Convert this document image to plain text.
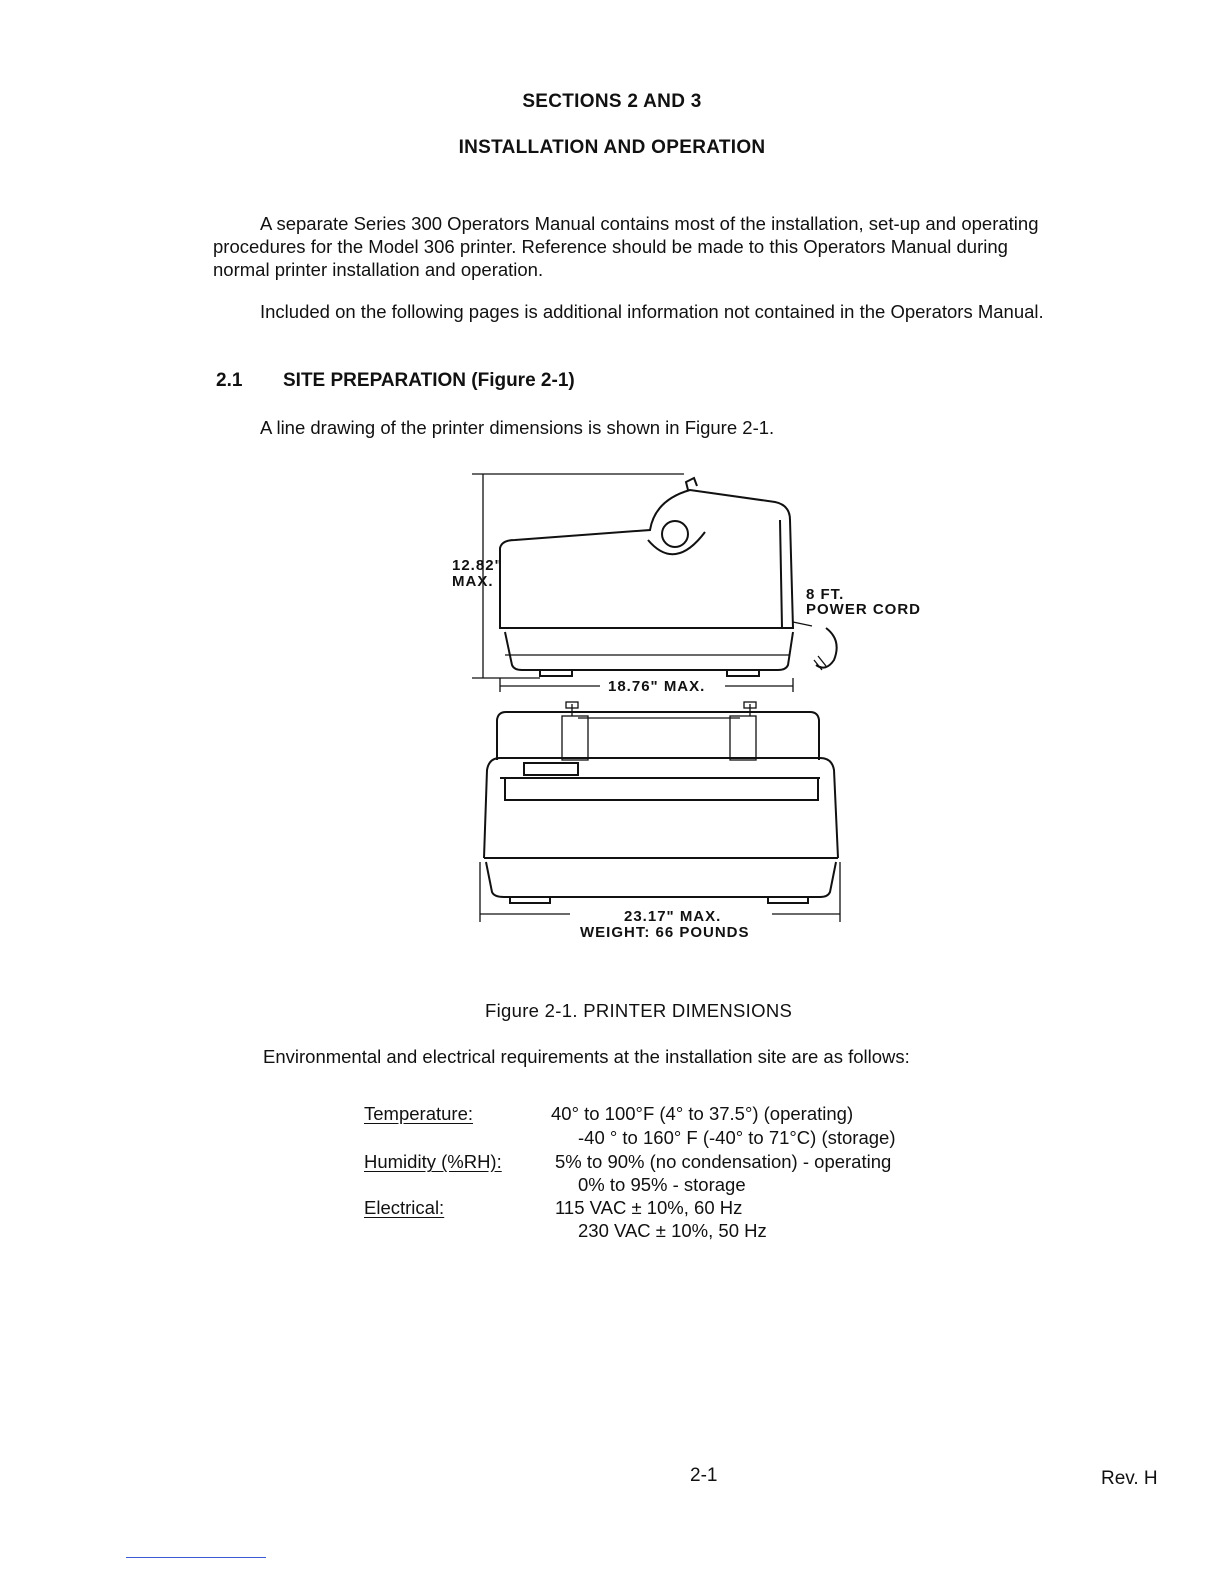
SECTIONS 2 AND 3
INSTALLATION AND OPERATION
A separate Series 300 Operators Manual contains most of the installation, set-up and operating
procedures for the Model 306 printer. Reference should be made to this Operators Manual during
normal printer installation and operation.
Included on the following pages is additional information not contained in the Operators Manual.
2.1 SITE PREPARATION (Figure 2-1)
A line drawing of the printer dimensions is shown in Figure 2-1.
12.82"
MAX.
8 FT.
POWER CORD
18.76" MAX.
23.17" MAX.
WEIGHT: 66 POUNDS
Figure 2-1. PRINTER DIMENSIONS
Environmental and electrical requirements at the installation site are as follows:
Temperature:	40° to 100°F (4° to 37.5°) (operating)
-40 ° to 160° F (-40° to 71°C) (storage)
Humidity (%RH):	5% to 90% (no condensation) - operating
0% to 95% - storage
Electrical:	115 VAC ± 10%, 60 Hz
230 VAC ± 10%, 50 Hz
2-1	Rev. H
